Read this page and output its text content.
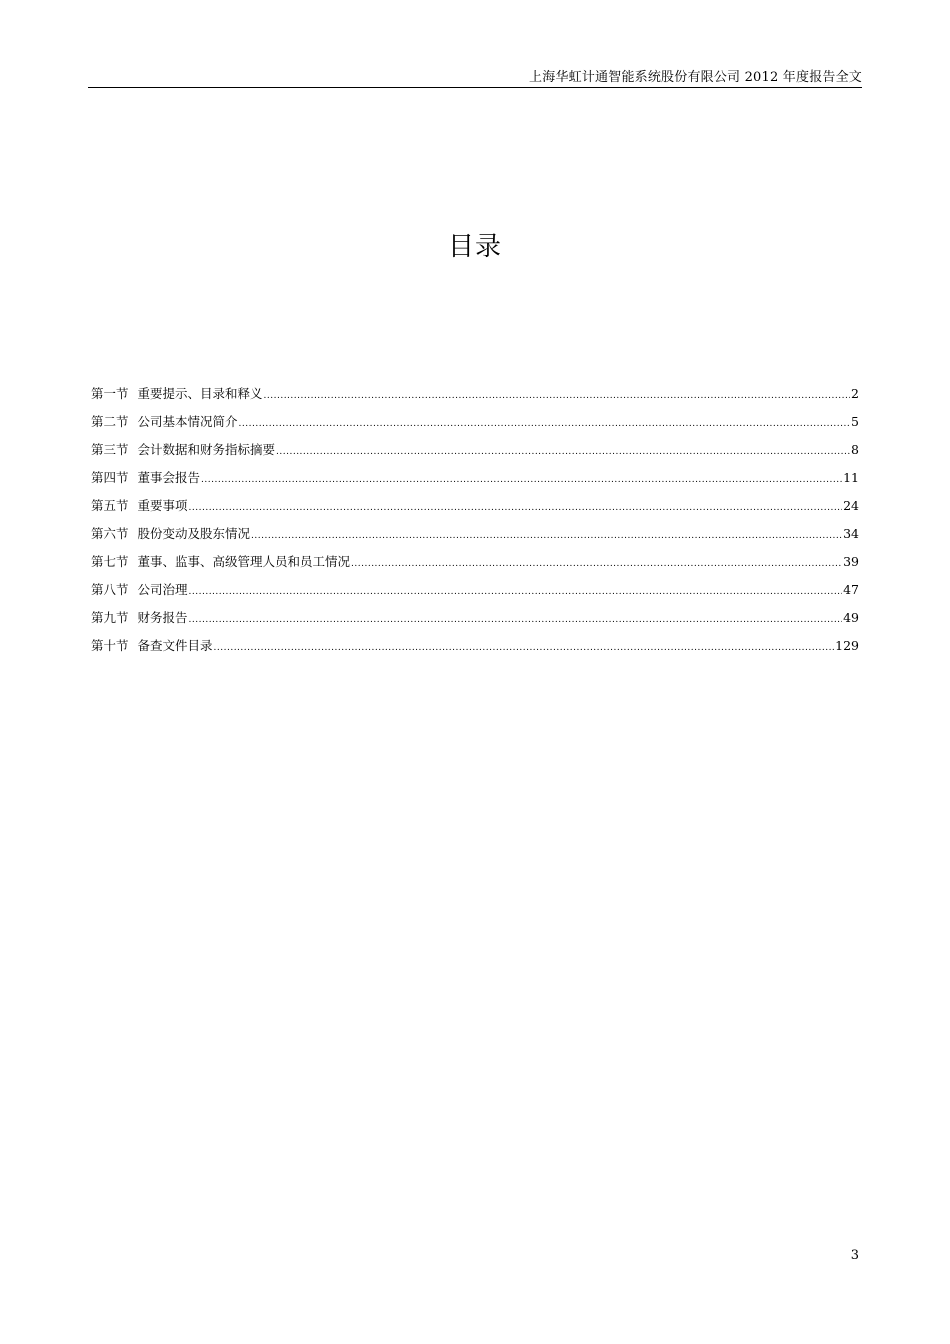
上海华虹计通智能系统股份有限公司 2012 年度报告全文
目录
第一节 重要提示、目录和释义 .....	2
第二节 公司基本情况简介 .....	5
第三节 会计数据和财务指标摘要 .....	8
第四节 董事会报告 .....	11
第五节 重要事项 .....	24
第六节 股份变动及股东情况 .....	34
第七节 董事、监事、高级管理人员和员工情况 .....	39
第八节 公司治理 .....	47
第九节 财务报告 .....	49
第十节 备查文件目录 .....	129
3
